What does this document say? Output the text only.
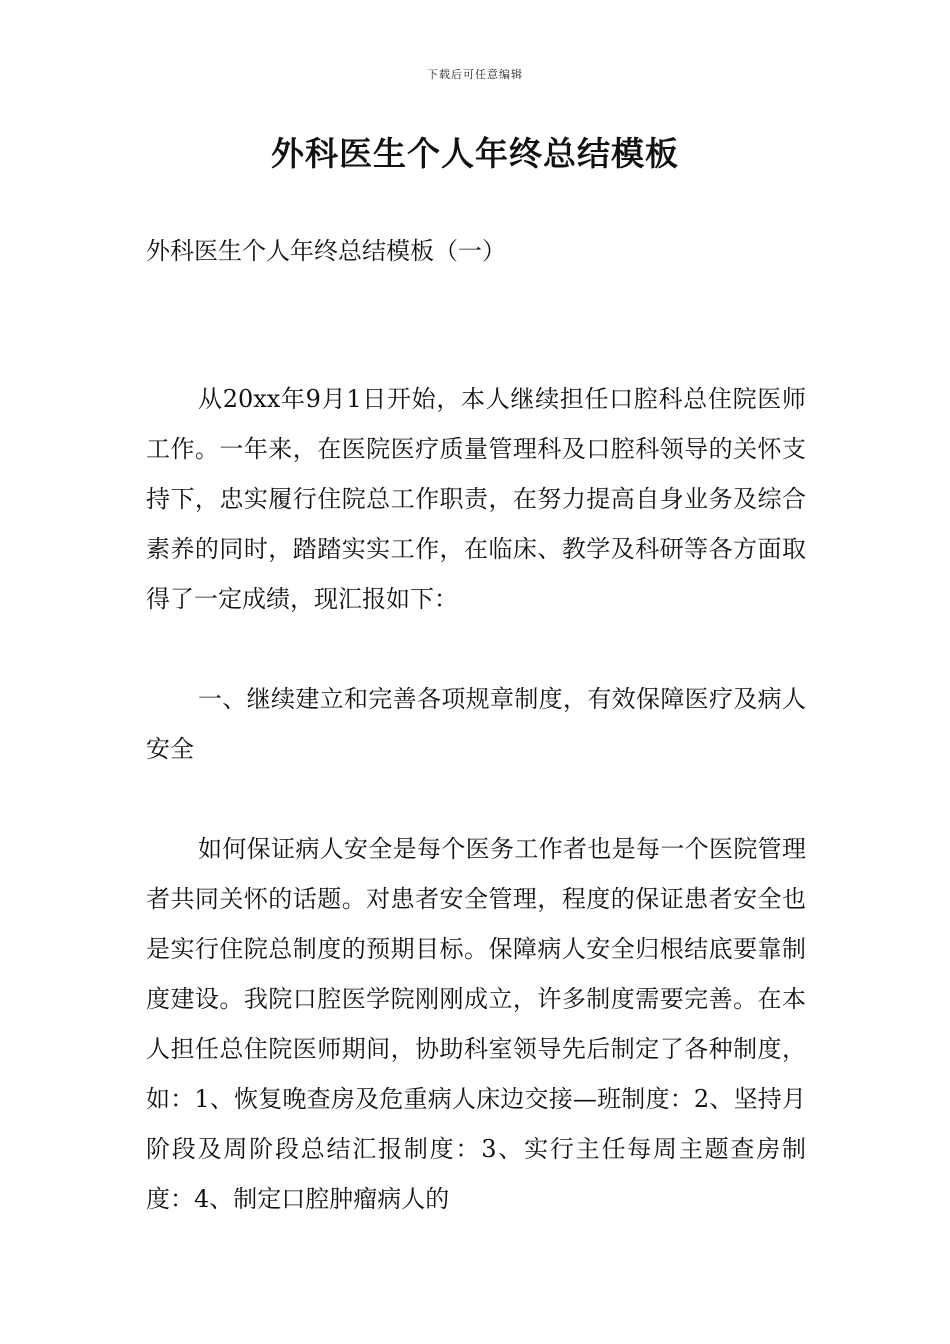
下载后可任意编辑
外科医生个人年终总结模板

外科医生个人年终总结模板（一）

从20xx年9月1日开始，本人继续担任口腔科总住院医师工作。一年来，在医院医疗质量管理科及口腔科领导的关怀支持下，忠实履行住院总工作职责，在努力提高自身业务及综合素养的同时，踏踏实实工作，在临床、教学及科研等各方面取得了一定成绩，现汇报如下：

一、继续建立和完善各项规章制度，有效保障医疗及病人安全

如何保证病人安全是每个医务工作者也是每一个医院管理者共同关怀的话题。对患者安全管理，程度的保证患者安全也是实行住院总制度的预期目标。保障病人安全归根结底要靠制度建设。我院口腔医学院刚刚成立，许多制度需要完善。在本人担任总住院医师期间，协助科室领导先后制定了各种制度，如：1、恢复晚查房及危重病人床边交接—班制度：2、坚持月阶段及周阶段总结汇报制度：3、实行主任每周主题查房制度：4、制定口腔肿瘤病人的
